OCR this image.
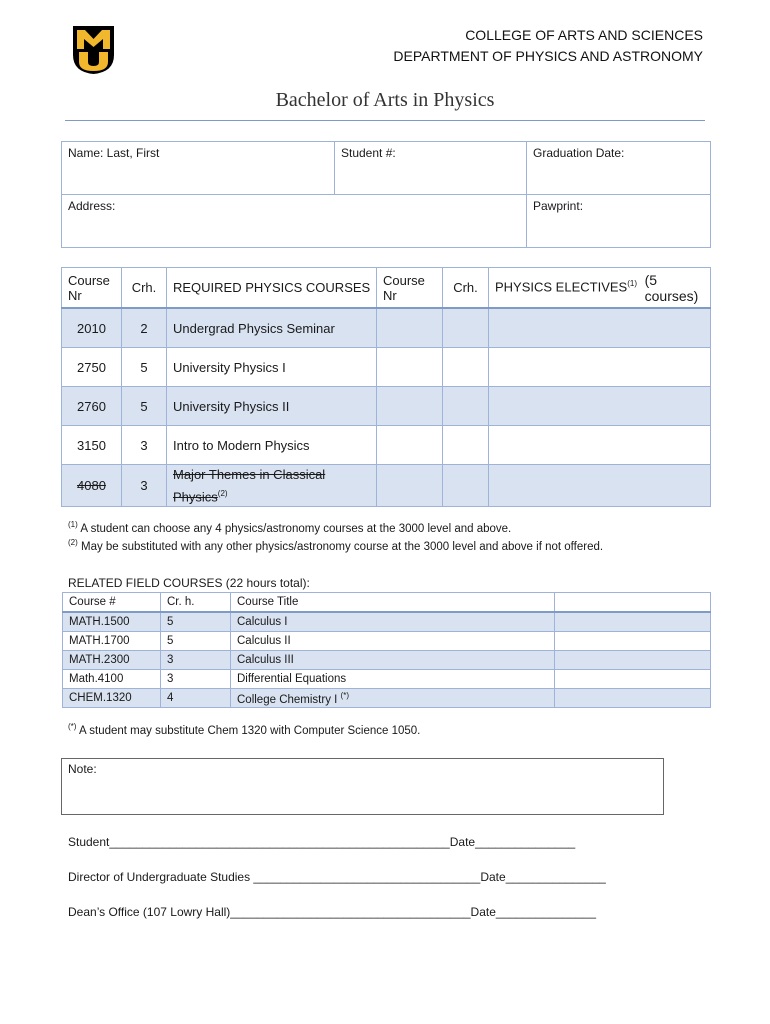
MU
COLLEGE OF ARTS AND SCIENCES
DEPARTMENT OF PHYSICS AND ASTRONOMY
Bachelor of Arts in Physics
Name: Last, First	Student #:	Graduation Date:
Address:		Pawprint:
Course Nr	Crh.	REQUIRED PHYSICS COURSES	Course Nr	Crh.	PHYSICS ELECTIVES$^{(1)}$ (5 courses)
2010	2	Undergrad Physics Seminar			
2750	5	University Physics I			
2760	5	University Physics II			
3150	3	Intro to Modern Physics			
4080	3	Major Themes in Classical Physics$^{(2)}$			
$^{(1)}$ A student can choose any 4 physics/astronomy courses at the 3000 level and above.
$^{(2)}$ May be substituted with any other physics/astronomy course at the 3000 level and above if not offered.
RELATED FIELD COURSES (22 hours total):
Course #	Cr. h.	Course Title	
MATH.1500	5	Calculus I	
MATH.1700	5	Calculus II	
MATH.2300	3	Calculus III	
Math.4100	3	Differential Equations	
CHEM.1320	4	College Chemistry I (*)	
(*) A student may substitute Chem 1320 with Computer Science 1050.
Note:
Student___________________________________________________Date_______________
Director of Undergraduate Studies __________________________________Date_______________
Dean’s Office (107 Lowry Hall)____________________________________Date_______________
